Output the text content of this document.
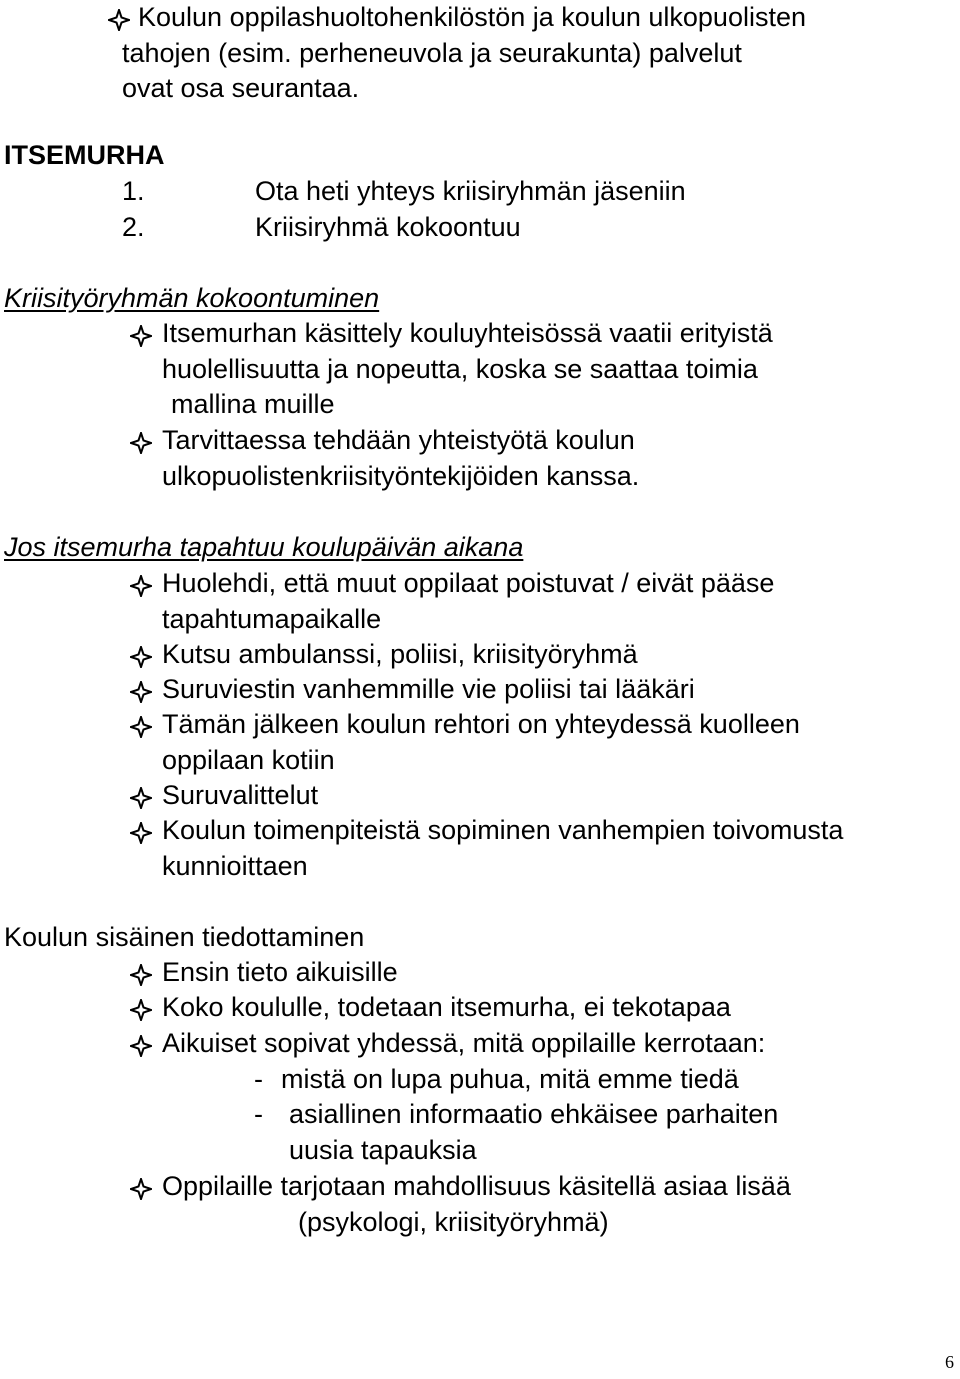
Koulun oppilashuoltohenkilöstön ja koulun ulkopuolisten
tahojen (esim. perheneuvola ja seurakunta) palvelut
ovat osa seurantaa.
ITSEMURHA
1.	Ota heti yhteys kriisiryhmän jäseniin
2.	Kriisiryhmä kokoontuu
Kriisityöryhmän kokoontuminen
Itsemurhan käsittely kouluyhteisössä vaatii erityistä
huolellisuutta ja nopeutta, koska se saattaa toimia
mallina muille
Tarvittaessa tehdään yhteistyötä koulun
ulkopuolistenkriisityöntekijöiden kanssa.
Jos itsemurha tapahtuu koulupäivän aikana
Huolehdi, että muut oppilaat poistuvat / eivät pääse
tapahtumapaikalle
Kutsu ambulanssi, poliisi, kriisityöryhmä
Suruviestin vanhemmille vie poliisi tai lääkäri
Tämän jälkeen koulun rehtori on yhteydessä kuolleen
oppilaan kotiin
Suruvalittelut
Koulun toimenpiteistä sopiminen vanhempien toivomusta
kunnioittaen
Koulun sisäinen tiedottaminen
Ensin tieto aikuisille
Koko koululle, todetaan itsemurha, ei tekotapaa
Aikuiset sopivat yhdessä, mitä oppilaille kerrotaan:
- mistä on lupa puhua, mitä emme tiedä
- asiallinen informaatio ehkäisee parhaiten
uusia tapauksia
Oppilaille tarjotaan mahdollisuus käsitellä asiaa lisää
(psykologi, kriisityöryhmä)
6
